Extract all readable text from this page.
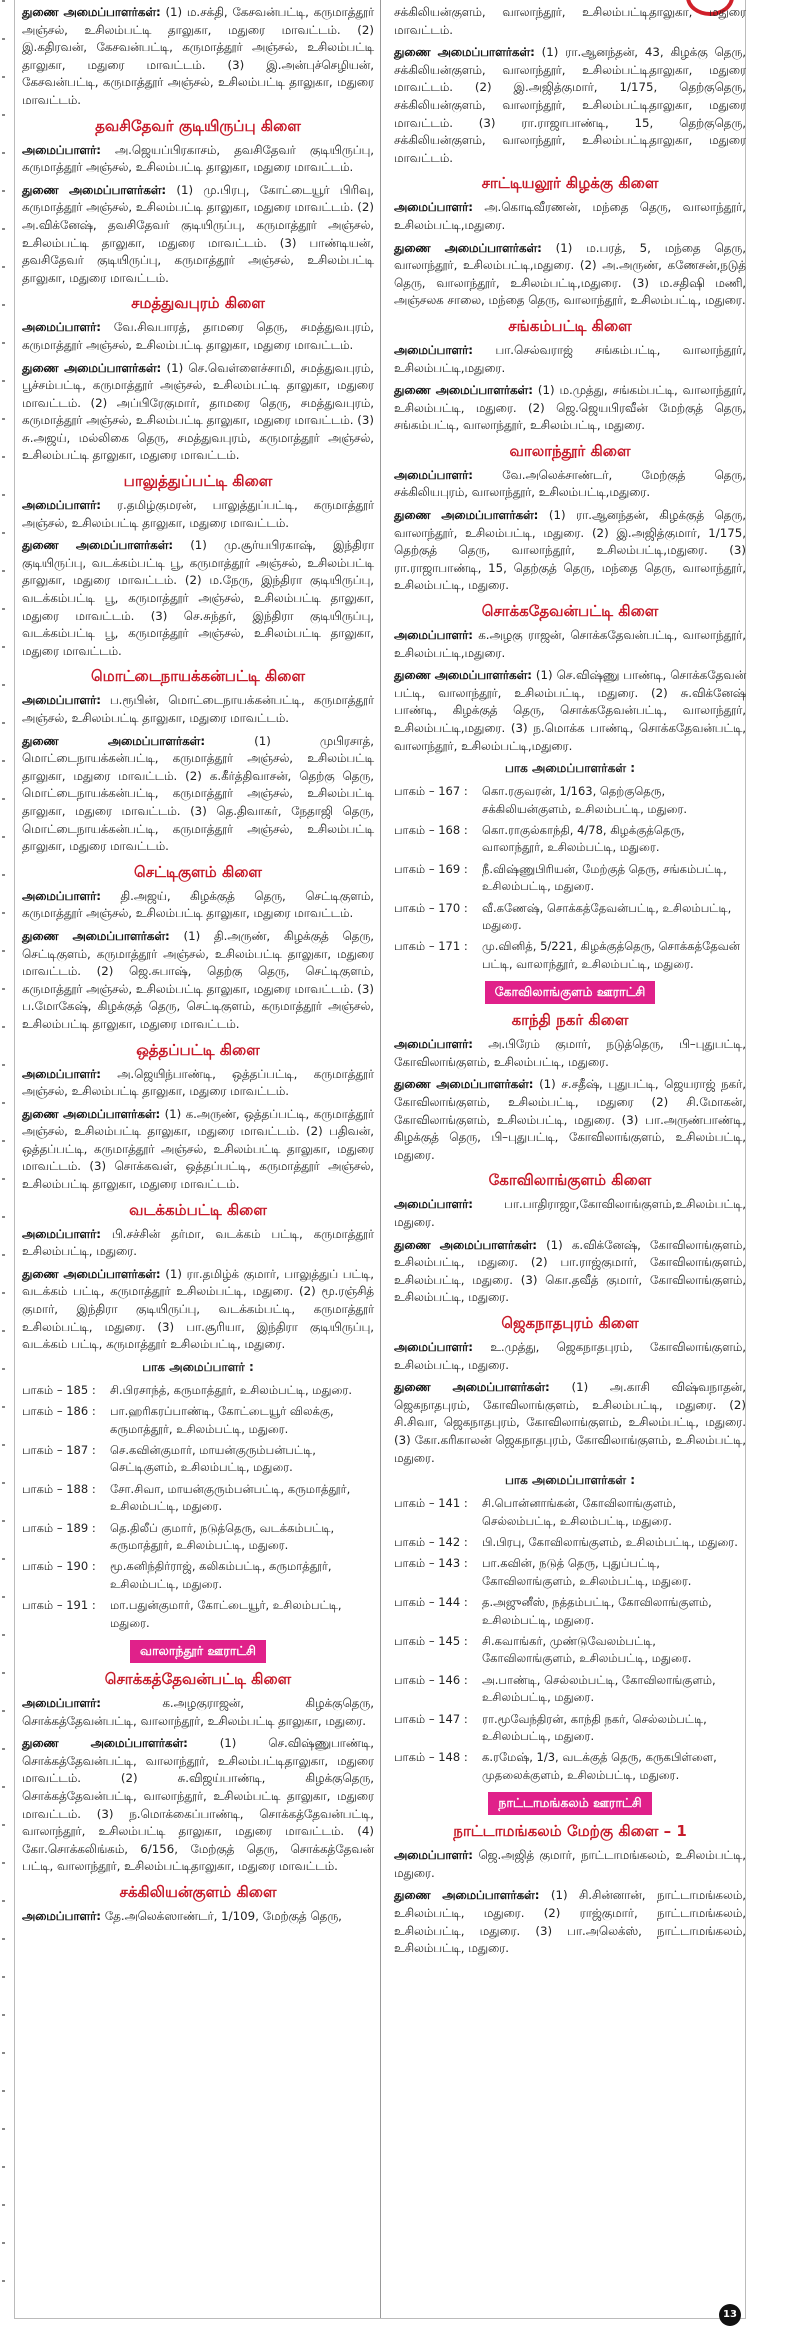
துணை அமைப்பாளர்கள்: (1) ம.சக்தி, கேசவன்பட்டி, கருமாத்தூர் அஞ்சல், உசிலம்பட்டி தாலுகா, மதுரை மாவட்டம். (2) இ.கதிரவன், கேசவன்பட்டி, கருமாத்தூர் அஞ்சல், உசிலம்பட்டி தாலுகா, மதுரை மாவட்டம். (3) இ.அன்புச்செழியன், கேசவன்பட்டி, கருமாத்தூர் அஞ்சல், உசிலம்பட்டி தாலுகா, மதுரை மாவட்டம்.

தவசிதேவர் குடியிருப்பு கிளை

அமைப்பாளர்: அ.ஜெயப்பிரகாசம், தவசிதேவர் குடியிருப்பு, கருமாத்தூர் அஞ்சல், உசிலம்பட்டி தாலுகா, மதுரை மாவட்டம்.

துணை அமைப்பாளர்கள்: (1) மு.பிரபு, கோட்டையூர் பிரிவு, கருமாத்தூர் அஞ்சல், உசிலம்பட்டி தாலுகா, மதுரை மாவட்டம். (2) அ.விக்னேஷ், தவசிதேவர் குடியிருப்பு, கருமாத்தூர் அஞ்சல், உசிலம்பட்டி தாலுகா, மதுரை மாவட்டம். (3) பாண்டியன், தவசிதேவர் குடியிருப்பு, கருமாத்தூர் அஞ்சல், உசிலம்பட்டி தாலுகா, மதுரை மாவட்டம்.

சமத்துவபுரம் கிளை

அமைப்பாளர்: வே.சிவபாரத், தாமரை தெரு, சமத்துவபுரம், கருமாத்தூர் அஞ்சல், உசிலம்பட்டி தாலுகா, மதுரை மாவட்டம்.

துணை அமைப்பாளர்கள்: (1) செ.வெள்ளைச்சாமி, சமத்துவபுரம், பூச்சம்பட்டி, கருமாத்தூர் அஞ்சல், உசிலம்பட்டி தாலுகா, மதுரை மாவட்டம். (2) அப்பிரேகுமார், தாமரை தெரு, சமத்துவபுரம், கருமாத்தூர் அஞ்சல், உசிலம்பட்டி தாலுகா, மதுரை மாவட்டம். (3) சு.அஜய், மல்லிகை தெரு, சமத்துவபுரம், கருமாத்தூர் அஞ்சல், உசிலம்பட்டி தாலுகா, மதுரை மாவட்டம்.

பாலுத்துப்பட்டி கிளை

அமைப்பாளர்: ர.தமிழ்குமரன், பாலுத்துப்பட்டி, கருமாத்தூர் அஞ்சல், உசிலம்பட்டி தாலுகா, மதுரை மாவட்டம்.

துணை அமைப்பாளர்கள்: (1) மு.சூர்யபிரகாஷ், இந்திரா குடியிருப்பு, வடக்கம்பட்டி பூ, கருமாத்தூர் அஞ்சல், உசிலம்பட்டி தாலுகா, மதுரை மாவட்டம். (2) ம.நேரு, இந்திரா குடியிருப்பு, வடக்கம்பட்டி பூ, கருமாத்தூர் அஞ்சல், உசிலம்பட்டி தாலுகா, மதுரை மாவட்டம். (3) செ.சுந்தர், இந்திரா குடியிருப்பு, வடக்கம்பட்டி பூ, கருமாத்தூர் அஞ்சல், உசிலம்பட்டி தாலுகா, மதுரை மாவட்டம்.

மொட்டைநாயக்கன்பட்டி கிளை

அமைப்பாளர்: ப.ரூபின், மொட்டைநாயக்கன்பட்டி, கருமாத்தூர் அஞ்சல், உசிலம்பட்டி தாலுகா, மதுரை மாவட்டம்.

துணை அமைப்பாளர்கள்:	(1) முபிரசாத், மொட்டைநாயக்கன்பட்டி, கருமாத்தூர் அஞ்சல், உசிலம்பட்டி தாலுகா, மதுரை மாவட்டம். (2) க.கீர்த்திவாசன், தெற்கு தெரு, மொட்டைநாயக்கன்பட்டி, கருமாத்தூர் அஞ்சல், உசிலம்பட்டி தாலுகா, மதுரை மாவட்டம். (3) தெ.திவாகர், நேதாஜி தெரு, மொட்டைநாயக்கன்பட்டி, கருமாத்தூர் அஞ்சல், உசிலம்பட்டி தாலுகா, மதுரை மாவட்டம்.

செட்டிகுளம் கிளை

அமைப்பாளர்: தி.அஜய், கிழக்குத் தெரு, செட்டிகுளம், கருமாத்தூர் அஞ்சல், உசிலம்பட்டி தாலுகா, மதுரை மாவட்டம்.

துணை அமைப்பாளர்கள்: (1) தி.அருண், கிழக்குத் தெரு, செட்டிகுளம், கருமாத்தூர் அஞ்சல், உசிலம்பட்டி தாலுகா, மதுரை மாவட்டம். (2) ஜெ.சுபாஷ், தெற்கு தெரு, செட்டிகுளம், கருமாத்தூர் அஞ்சல், உசிலம்பட்டி தாலுகா, மதுரை மாவட்டம். (3) ப.மோகேஷ், கிழக்குத் தெரு, செட்டிகுளம், கருமாத்தூர் அஞ்சல், உசிலம்பட்டி தாலுகா, மதுரை மாவட்டம்.

ஒத்தப்பட்டி கிளை

அமைப்பாளர்: அ.ஜெயிந்பாண்டி, ஒத்தப்பட்டி, கருமாத்தூர் அஞ்சல், உசிலம்பட்டி தாலுகா, மதுரை மாவட்டம்.

துணை அமைப்பாளர்கள்: (1) க.அருண், ஒத்தப்பட்டி, கருமாத்தூர் அஞ்சல், உசிலம்பட்டி தாலுகா, மதுரை மாவட்டம். (2) பதிவன், ஒத்தப்பட்டி, கருமாத்தூர் அஞ்சல், உசிலம்பட்டி தாலுகா, மதுரை மாவட்டம். (3) சொக்கவள், ஒத்தப்பட்டி, கருமாத்தூர் அஞ்சல், உசிலம்பட்டி தாலுகா, மதுரை மாவட்டம்.

வடக்கம்பட்டி கிளை

அமைப்பாளர்: பி.சச்சின் தர்மா, வடக்கம் பட்டி, கருமாத்தூர் உசிலம்பட்டி, மதுரை.

துணை அமைப்பாளர்கள்: (1) ரா.தமிழ்க் குமார், பாலுத்துப் பட்டி, வடக்கம் பட்டி, கருமாத்தூர் உசிலம்பட்டி, மதுரை. (2) மூ.ரஞ்சித் குமார், இந்திரா குடியிருப்பு, வடக்கம்பட்டி, கருமாத்தூர் உசிலம்பட்டி, மதுரை. (3) பா.சூரியா, இந்திரா குடியிருப்பு, வடக்கம் பட்டி, கருமாத்தூர் உசிலம்பட்டி, மதுரை.

பாக அமைப்பாளர் :
பாகம் – 185 :	சி.பிரசாந்த், கருமாத்தூர், உசிலம்பட்டி, மதுரை.
பாகம் – 186 :	பா.ஹரிகரப்பாண்டி, கோட்டையூர் விலக்கு, கருமாத்தூர், உசிலம்பட்டி, மதுரை.
பாகம் – 187 :	செ.கவின்குமார், மாயன்குரும்பன்பட்டி, செட்டிகுளம், உசிலம்பட்டி, மதுரை.
பாகம் – 188 :	சோ.சிவா, மாயன்குரும்பன்பட்டி, கருமாத்தூர், உசிலம்பட்டி, மதுரை.
பாகம் – 189 :	தெ.திலீப் குமார், நடுத்தெரு, வடக்கம்பட்டி, கருமாத்தூர், உசிலம்பட்டி, மதுரை.
பாகம் – 190 :	மூ.கனிந்திர்ராஜ், கலிகம்பட்டி, கருமாத்தூர், உசிலம்பட்டி, மதுரை.
பாகம் – 191 :	மா.பதுன்குமார், கோட்டையூர், உசிலம்பட்டி, மதுரை.
வாலாந்தூர் ஊராட்சி
சொக்கத்தேவன்பட்டி கிளை

அமைப்பாளர்:	க.அழகுராஜன், கிழக்குதெரு, சொக்கத்தேவன்பட்டி, வாலாந்தூர், உசிலம்பட்டி தாலுகா, மதுரை.

துணை அமைப்பாளர்கள்:	(1) செ.விஷ்ணுபாண்டி, சொக்கத்தேவன்பட்டி, வாலாந்தூர், உசிலம்பட்டிதாலுகா, மதுரை மாவட்டம். (2) சு.விஜய்பாண்டி, கிழக்குதெரு, சொக்கத்தேவன்பட்டி, வாலாந்தூர், உசிலம்பட்டி தாலுகா, மதுரை மாவட்டம். (3) ந.மொக்கைப்பாண்டி, சொக்கத்தேவன்பட்டி, வாலாந்தூர், உசிலம்பட்டி தாலுகா, மதுரை மாவட்டம். (4) கோ.சொக்கலிங்கம், 6/156, மேற்குத் தெரு, சொக்கத்தேவன் பட்டி, வாலாந்தூர், உசிலம்பட்டிதாலுகா, மதுரை மாவட்டம்.

சக்கிலியன்குளம் கிளை

அமைப்பாளர்: தே.அலெக்ஸாண்டர், 1/109, மேற்குத் தெரு,

சக்கிலியன்குளம், வாலாந்தூர், உசிலம்பட்டிதாலுகா, மதுரை மாவட்டம்.

துணை அமைப்பாளர்கள்: (1) ரா.ஆனந்தன், 43, கிழக்கு தெரு, சக்கிலியன்குளம், வாலாந்தூர், உசிலம்பட்டிதாலுகா, மதுரை மாவட்டம். (2) இ.அஜித்குமார், 1/175, தெற்குதெரு, சக்கிலியன்குளம், வாலாந்தூர், உசிலம்பட்டிதாலுகா, மதுரை மாவட்டம். (3) ரா.ராஜாபாண்டி, 15, தெற்குதெரு, சக்கிலியன்குளம், வாலாந்தூர், உசிலம்பட்டிதாலுகா, மதுரை மாவட்டம்.

சாட்டியலூர் கிழக்கு கிளை

அமைப்பாளர்: அ.கொடிவீரணன், மந்தை தெரு, வாலாந்தூர், உசிலம்பட்டி,மதுரை.

துணை அமைப்பாளர்கள்: (1) ம.பரத், 5, மந்தை தெரு, வாலாந்தூர், உசிலம்பட்டி,மதுரை. (2) அ.அருண், கணேசன்,நடுத் தெரு, வாலாந்தூர், உசிலம்பட்டி,மதுரை. (3) ம.சதிஷி மணி, அஞ்சலக சாலை, மந்தை தெரு, வாலாந்தூர், உசிலம்பட்டி, மதுரை.

சங்கம்பட்டி கிளை

அமைப்பாளர்: பா.செல்வராஜ் சங்கம்பட்டி, வாலாந்தூர், உசிலம்பட்டி,மதுரை.

துணை அமைப்பாளர்கள்: (1) ம.முத்து, சங்கம்பட்டி, வாலாந்தூர், உசிலம்பட்டி, மதுரை. (2) ஜெ.ஜெயபிரவீன் மேற்குத் தெரு, சங்கம்பட்டி, வாலாந்தூர், உசிலம்பட்டி, மதுரை.

வாலாந்தூர் கிளை

அமைப்பாளர்: வே.அலெக்சாண்டர், மேற்குத் தெரு, சக்கிலியபுரம், வாலாந்தூர், உசிலம்பட்டி,மதுரை.

துணை அமைப்பாளர்கள்: (1) ரா.ஆனந்தன், கிழக்குத் தெரு, வாலாந்தூர், உசிலம்பட்டி, மதுரை. (2) இ.அஜித்குமார், 1/175, தெற்குத் தெரு, வாலாந்தூர், உசிலம்பட்டி,மதுரை. (3) ரா.ராஜாபாண்டி, 15, தெற்குத் தெரு, மந்தை தெரு, வாலாந்தூர், உசிலம்பட்டி, மதுரை.

சொக்கதேவன்பட்டி கிளை

அமைப்பாளர்: க.அழகு ராஜன், சொக்கதேவன்பட்டி, வாலாந்தூர், உசிலம்பட்டி,மதுரை.

துணை அமைப்பாளர்கள்: (1) செ.விஷ்ணு பாண்டி, சொக்கதேவன் பட்டி, வாலாந்தூர், உசிலம்பட்டி, மதுரை. (2) சு.விக்னேஷ் பாண்டி, கிழக்குத் தெரு, சொக்கதேவன்பட்டி, வாலாந்தூர், உசிலம்பட்டி,மதுரை. (3) ந.மொக்க பாண்டி, சொக்கதேவன்பட்டி, வாலாந்தூர், உசிலம்பட்டி,மதுரை.

பாக அமைப்பாளர்கள் :
பாகம் – 167 :	கொ.ரகுவரன், 1/163, தெற்குதெரு, சக்கிலியன்குளம், உசிலம்பட்டி, மதுரை.
பாகம் – 168 :	கொ.ராகுல்காந்தி, 4/78, கிழக்குத்தெரு, வாலாந்தூர், உசிலம்பட்டி, மதுரை.
பாகம் – 169 :	நீ.விஷ்ணுபிரியன், மேற்குத் தெரு, சங்கம்பட்டி, உசிலம்பட்டி, மதுரை.
பாகம் – 170 :	வீ.கணேஷ், சொக்கத்தேவன்பட்டி, உசிலம்பட்டி, மதுரை.
பாகம் – 171 :	மு.வினித், 5/221, கிழக்குத்தெரு, சொக்கத்தேவன் பட்டி, வாலாந்தூர், உசிலம்பட்டி, மதுரை.
கோவிலாங்குளம் ஊராட்சி
காந்தி நகர் கிளை

அமைப்பாளர்: அ.பிரேம் குமார், நடுத்தெரு, பி–புதுபட்டி, கோவிலாங்குளம், உசிலம்பட்டி, மதுரை.

துணை அமைப்பாளர்கள்: (1) ச.சதீஷ், புதுபட்டி, ஜெயராஜ் நகர், கோவிலாங்குளம், உசிலம்பட்டி, மதுரை (2) சி.மோகன், கோவிலாங்குளம், உசிலம்பட்டி, மதுரை. (3) பா.அருண்பாண்டி, கிழக்குத் தெரு, பி–புதுபட்டி, கோவிலாங்குளம், உசிலம்பட்டி, மதுரை.

கோவிலாங்குளம் கிளை

அமைப்பாளர்:	பா.பாதிராஜா,கோவிலாங்குளம்,உசிலம்பட்டி, மதுரை.

துணை அமைப்பாளர்கள்: (1) க.விக்னேஷ், கோவிலாங்குளம், உசிலம்பட்டி, மதுரை. (2) பா.ராஜ்குமார், கோவிலாங்குளம், உசிலம்பட்டி, மதுரை. (3) கொ.தவீத் குமார், கோவிலாங்குளம், உசிலம்பட்டி, மதுரை.

ஜெகநாதபுரம் கிளை

அமைப்பாளர்: உ.முத்து, ஜெகநாதபுரம், கோவிலாங்குளம், உசிலம்பட்டி, மதுரை.

துணை அமைப்பாளர்கள்: (1) அ.காசி விஷ்வநாதன், ஜெகநாதபுரம், கோவிலாங்குளம், உசிலம்பட்டி, மதுரை. (2) சி.சிவா, ஜெகநாதபுரம், கோவிலாங்குளம், உசிலம்பட்டி, மதுரை. (3) கோ.கரிகாலன் ஜெகநாதபுரம், கோவிலாங்குளம், உசிலம்பட்டி, மதுரை.

பாக அமைப்பாளர்கள் :
பாகம் – 141 :	சி.பொன்னாங்கன், கோவிலாங்குளம், செல்லம்பட்டி, உசிலம்பட்டி, மதுரை.
பாகம் – 142 :	பி.பிரபு, கோவிலாங்குளம், உசிலம்பட்டி, மதுரை.
பாகம் – 143 :	பா.கவின், நடுத் தெரு, புதுப்பட்டி, கோவிலாங்குளம், உசிலம்பட்டி, மதுரை.
பாகம் – 144 :	த.அஜுனீஸ், நத்தம்பட்டி, கோவிலாங்குளம், உசிலம்பட்டி, மதுரை.
பாகம் – 145 :	சி.கவாங்கர், முண்டுவேலம்பட்டி, கோவிலாங்குளம், உசிலம்பட்டி, மதுரை.
பாகம் – 146 :	அ.பாண்டி, செல்லம்பட்டி, கோவிலாங்குளம், உசிலம்பட்டி, மதுரை.
பாகம் – 147 :	ரா.மூவேந்திரன், காந்தி நகர், செல்லம்பட்டி, உசிலம்பட்டி, மதுரை.
பாகம் – 148 :	க.ரமேஷ், 1/3, வடக்குத் தெரு, கருகபிள்ளை, முதலைக்குளம், உசிலம்பட்டி, மதுரை.
நாட்டாமங்கலம் ஊராட்சி
நாட்டாமங்கலம் மேற்கு கிளை – 1

அமைப்பாளர்: ஜெ.அஜித் குமார், நாட்டாமங்கலம், உசிலம்பட்டி, மதுரை.

துணை அமைப்பாளர்கள்: (1) சி.சின்னான், நாட்டாமங்கலம், உசிலம்பட்டி, மதுரை. (2) ராஜ்குமார், நாட்டாமங்கலம், உசிலம்பட்டி, மதுரை. (3) பா.அலெக்ஸ், நாட்டாமங்கலம், உசிலம்பட்டி, மதுரை.

13
